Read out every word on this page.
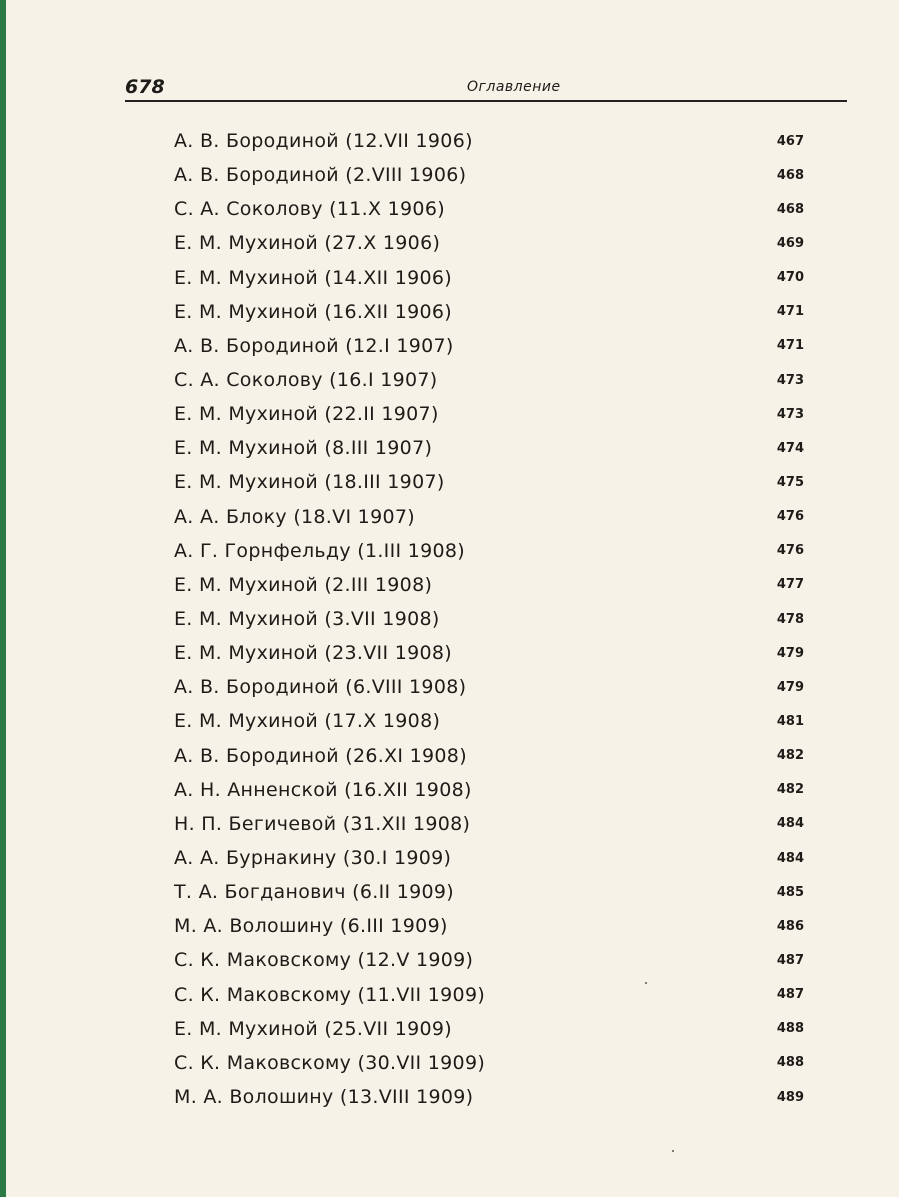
678	Оглавление
А. В. Бородиной (12.VII 1906)	467
А. В. Бородиной (2.VIII 1906)	468
С. А. Соколову (11.X 1906)	468
Е. М. Мухиной (27.X 1906)	469
Е. М. Мухиной (14.XII 1906)	470
Е. М. Мухиной (16.XII 1906)	471
А. В. Бородиной (12.I 1907)	471
С. А. Соколову (16.I 1907)	473
Е. М. Мухиной (22.II 1907)	473
Е. М. Мухиной (8.III 1907)	474
Е. М. Мухиной (18.III 1907)	475
А. А. Блоку (18.VI 1907)	476
А. Г. Горнфельду (1.III 1908)	476
Е. М. Мухиной (2.III 1908)	477
Е. М. Мухиной (3.VII 1908)	478
Е. М. Мухиной (23.VII 1908)	479
А. В. Бородиной (6.VIII 1908)	479
Е. М. Мухиной (17.X 1908)	481
А. В. Бородиной (26.XI 1908)	482
А. Н. Анненской (16.XII 1908)	482
Н. П. Бегичевой (31.XII 1908)	484
А. А. Бурнакину (30.I 1909)	484
Т. А. Богданович (6.II 1909)	485
М. А. Волошину (6.III 1909)	486
С. К. Маковскому (12.V 1909)	487
С. К. Маковскому (11.VII 1909)	487
Е. М. Мухиной (25.VII 1909)	488
С. К. Маковскому (30.VII 1909)	488
М. А. Волошину (13.VIII 1909)	489
